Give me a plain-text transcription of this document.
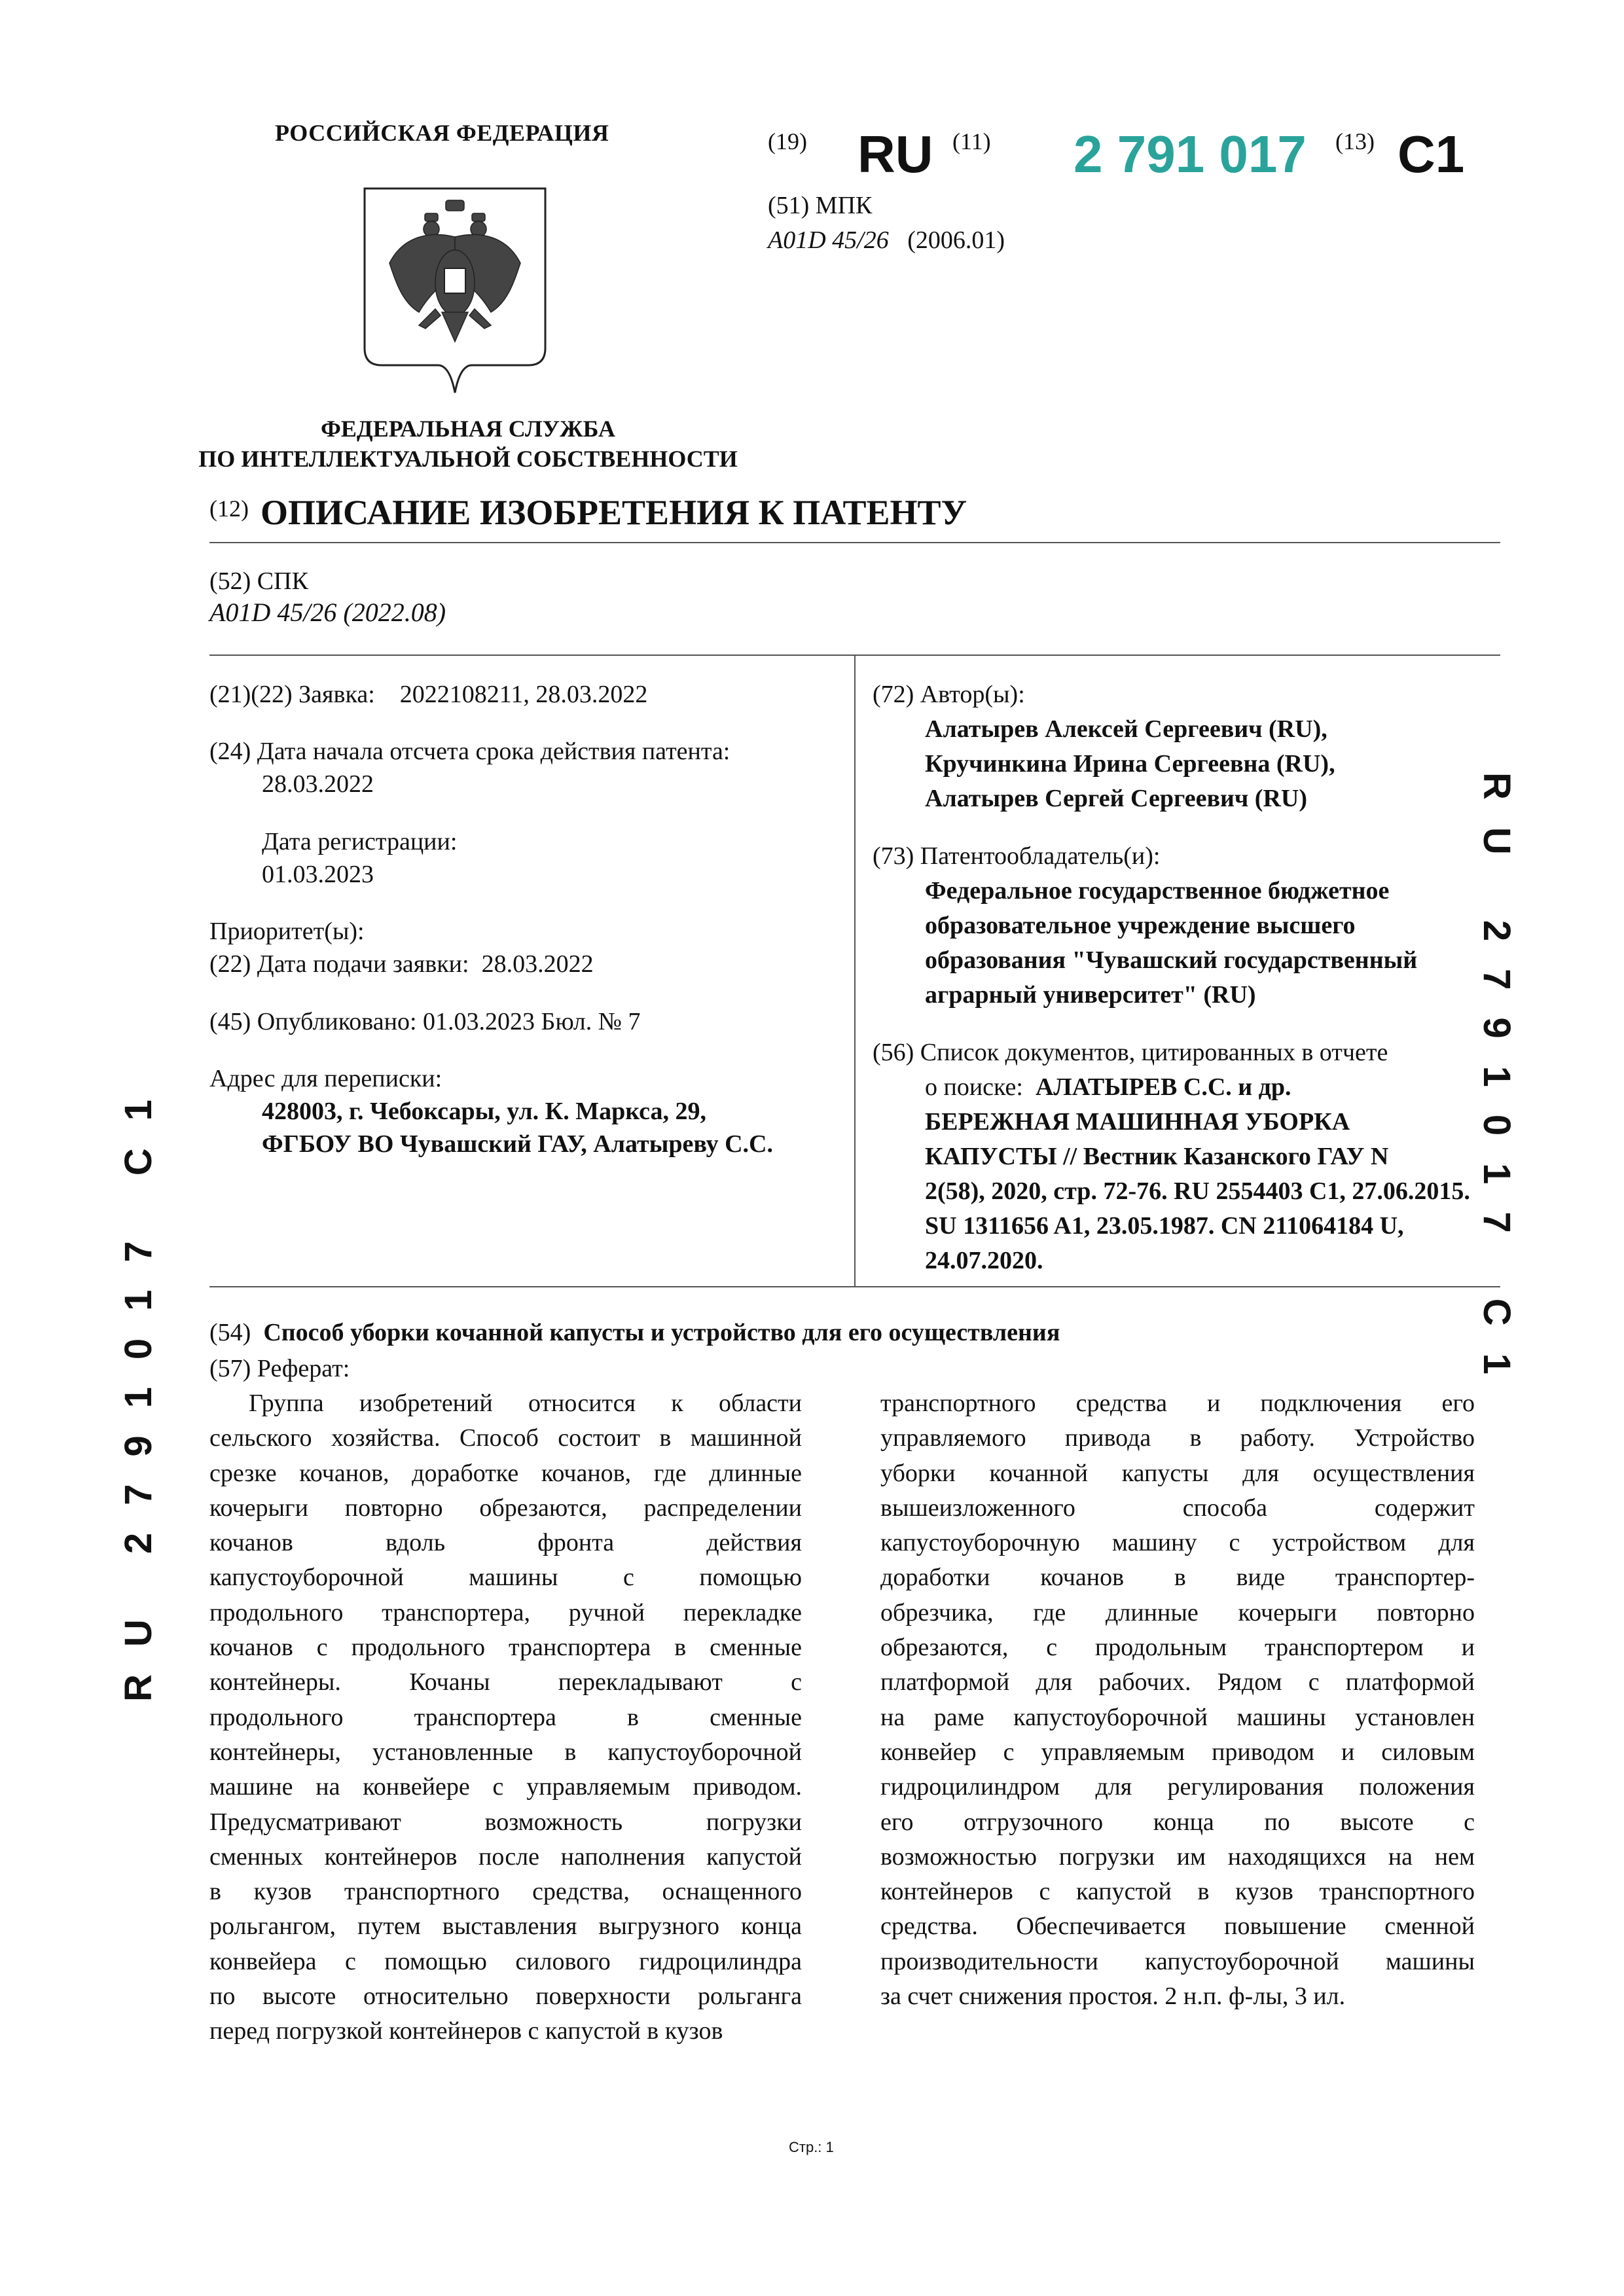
РОССИЙСКАЯ ФЕДЕРАЦИЯ
ФЕДЕРАЛЬНАЯ СЛУЖБА
ПО ИНТЕЛЛЕКТУАЛЬНОЙ СОБСТВЕННОСТИ
(19) RU (11) 2 791 017 (13) C1
(51) МПК
A01D 45/26 (2006.01)
$^{(12)}$ ОПИСАНИЕ ИЗОБРЕТЕНИЯ К ПАТЕНТУ
(52) СПК
A01D 45/26 (2022.08)
(21)(22) Заявка: 2022108211, 28.03.2022
(24) Дата начала отсчета срока действия патента:
28.03.2022
Дата регистрации:
01.03.2023
Приоритет(ы):
(22) Дата подачи заявки: 28.03.2022
(45) Опубликовано: 01.03.2023 Бюл. № 7
Адрес для переписки:
428003, г. Чебоксары, ул. К. Маркса, 29,
ФГБОУ ВО Чувашский ГАУ, Алатыреву С.С.
(72) Автор(ы):
Алатырев Алексей Сергеевич (RU),
Кручинкина Ирина Сергеевна (RU),
Алатырев Сергей Сергеевич (RU)
(73) Патентообладатель(и):
Федеральное государственное бюджетное
образовательное учреждение высшего
образования "Чувашский государственный
аграрный университет" (RU)
(56) Список документов, цитированных в отчете
о поиске: АЛАТЫРЕВ С.С. и др.
БЕРЕЖНАЯ МАШИННАЯ УБОРКА
КАПУСТЫ // Вестник Казанского ГАУ N
2(58), 2020, стр. 72-76. RU 2554403 C1, 27.06.2015.
SU 1311656 A1, 23.05.1987. CN 211064184 U,
24.07.2020.	RU 2791017 C1
RU 2791017 C1 (54) Способ уборки кочанной капусты и устройство для его осуществления
(57) Реферат:
Группа изобретений относится к области
сельского хозяйства. Способ состоит в машинной
срезке кочанов, доработке кочанов, где длинные
кочерыги повторно обрезаются, распределении
кочанов вдоль фронта действия
капустоуборочной машины с помощью
продольного транспортера, ручной перекладке
кочанов с продольного транспортера в сменные
контейнеры. Кочаны перекладывают с
продольного транспортера в сменные
контейнеры, установленные в капустоуборочной
машине на конвейере с управляемым приводом.
Предусматривают возможность погрузки
сменных контейнеров после наполнения капустой
в кузов транспортного средства, оснащенного
рольгангом, путем выставления выгрузного конца
конвейера с помощью силового гидроцилиндра
по высоте относительно поверхности рольганга
перед погрузкой контейнеров с капустой в кузов
транспортного средства и подключения его
управляемого привода в работу. Устройство
уборки кочанной капусты для осуществления
вышеизложенного способа содержит
капустоуборочную машину с устройством для
доработки кочанов в виде транспортер-
обрезчика, где длинные кочерыги повторно
обрезаются, с продольным транспортером и
платформой для рабочих. Рядом с платформой
на раме капустоуборочной машины установлен
конвейер с управляемым приводом и силовым
гидроцилиндром для регулирования положения
его отгрузочного конца по высоте с
возможностью погрузки им находящихся на нем
контейнеров с капустой в кузов транспортного
средства. Обеспечивается повышение сменной
производительности капустоуборочной машины
за счет снижения простоя. 2 н.п. ф-лы, 3 ил.
Стр.: 1
